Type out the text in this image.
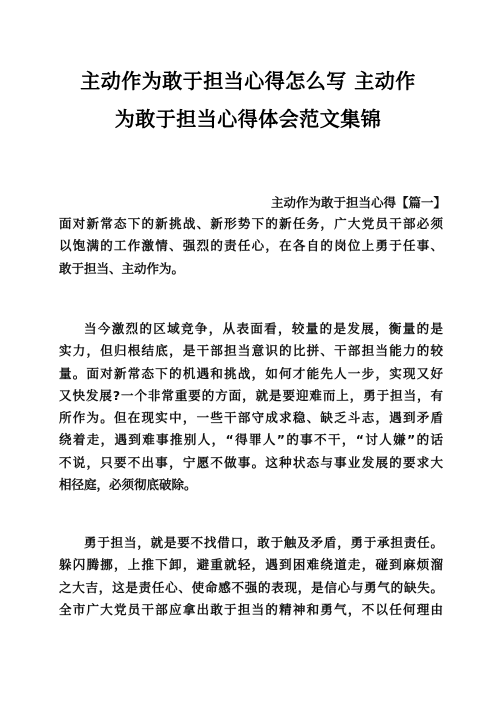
主动作为敢于担当心得怎么写 主动作
为敢于担当心得体会范文集锦
主动作为敢于担当心得【篇一】

面对新常态下的新挑战、新形势下的新任务，广大党员干部必须
以饱满的工作激情、强烈的责任心，在各自的岗位上勇于任事、
敢于担当、主动作为。

当今激烈的区域竞争，从表面看，较量的是发展，衡量的是
实力，但归根结底，是干部担当意识的比拼、干部担当能力的较
量。面对新常态下的机遇和挑战，如何才能先人一步，实现又好
又快发展?一个非常重要的方面，就是要迎难而上，勇于担当，有
所作为。但在现实中，一些干部守成求稳、缺乏斗志，遇到矛盾
绕着走，遇到难事推别人，“得罪人”的事不干，“讨人嫌”的话
不说，只要不出事，宁愿不做事。这种状态与事业发展的要求大
相径庭，必须彻底破除。

勇于担当，就是要不找借口，敢于触及矛盾，勇于承担责任。
躲闪腾挪，上推下卸，避重就轻，遇到困难绕道走，碰到麻烦溜
之大吉，这是责任心、使命感不强的表现，是信心与勇气的缺失。
全市广大党员干部应拿出敢于担当的精神和勇气，不以任何理由
